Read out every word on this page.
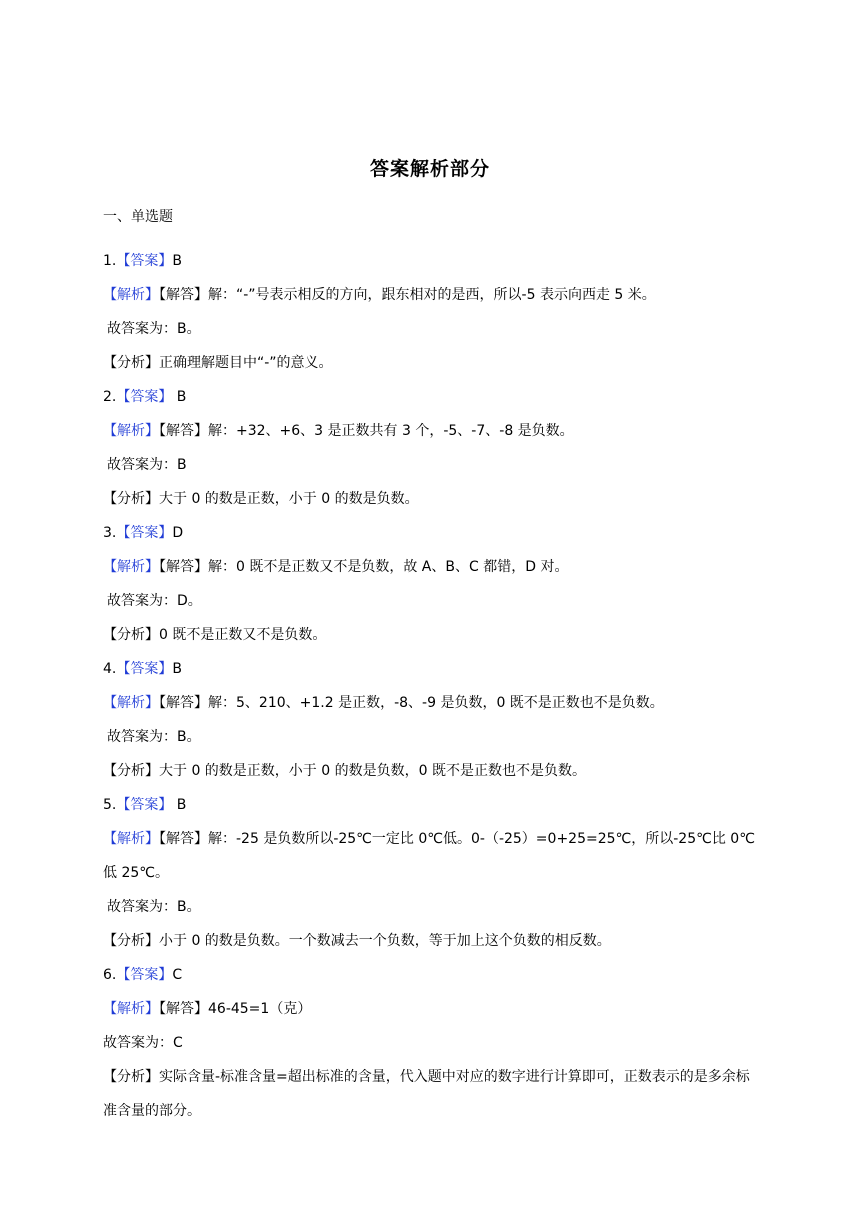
答案解析部分
一、单选题
1.【答案】B
【解析】【解答】解：“-”号表示相反的方向，跟东相对的是西，所以-5 表示向西走 5 米。
故答案为：B。
【分析】正确理解题目中“-”的意义。
2.【答案】 B
【解析】【解答】解：+32、+6、3 是正数共有 3 个，-5、-7、-8 是负数。
故答案为：B
【分析】大于 0 的数是正数，小于 0 的数是负数。
3.【答案】D
【解析】【解答】解：0 既不是正数又不是负数，故 A、B、C 都错，D 对。
故答案为：D。
【分析】0 既不是正数又不是负数。
4.【答案】B
【解析】【解答】解：5、210、+1.2 是正数，-8、-9 是负数，0 既不是正数也不是负数。
故答案为：B。
【分析】大于 0 的数是正数，小于 0 的数是负数，0 既不是正数也不是负数。
5.【答案】 B
【解析】【解答】解：-25 是负数所以-25℃一定比 0℃低。0-（-25）=0+25=25℃，所以-25℃比 0℃低 25℃。
故答案为：B。
【分析】小于 0 的数是负数。一个数减去一个负数，等于加上这个负数的相反数。
6.【答案】C
【解析】【解答】46-45=1（克）
故答案为：C
【分析】实际含量-标准含量=超出标准的含量，代入题中对应的数字进行计算即可，正数表示的是多余标准含量的部分。
